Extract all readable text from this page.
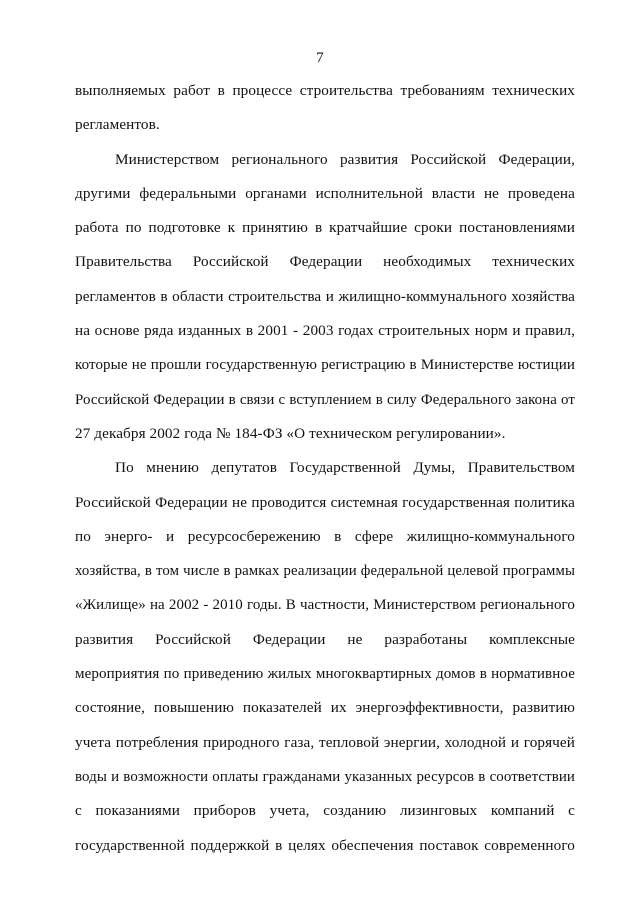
7
выполняемых работ в процессе строительства требованиям технических
регламентов.
Министерством регионального развития Российской Федерации,
другими федеральными органами исполнительной власти не проведена
работа по подготовке к принятию в кратчайшие сроки постановлениями
Правительства Российской Федерации необходимых технических
регламентов в области строительства и жилищно-коммунального хозяйства
на основе ряда изданных в 2001 - 2003 годах строительных норм и правил,
которые не прошли государственную регистрацию в Министерстве юстиции
Российской Федерации в связи с вступлением в силу Федерального закона от
27 декабря 2002 года № 184-ФЗ «О техническом регулировании».
По мнению депутатов Государственной Думы, Правительством
Российской Федерации не проводится системная государственная политика
по энерго- и ресурсосбережению в сфере жилищно-коммунального
хозяйства, в том числе в рамках реализации федеральной целевой программы
«Жилище» на 2002 - 2010 годы. В частности, Министерством регионального
развития Российской Федерации не разработаны комплексные
мероприятия по приведению жилых многоквартирных домов в нормативное
состояние, повышению показателей их энергоэффективности, развитию
учета потребления природного газа, тепловой энергии, холодной и горячей
воды и возможности оплаты гражданами указанных ресурсов в соответствии
с показаниями приборов учета, созданию лизинговых компаний с
государственной поддержкой в целях обеспечения поставок современного
